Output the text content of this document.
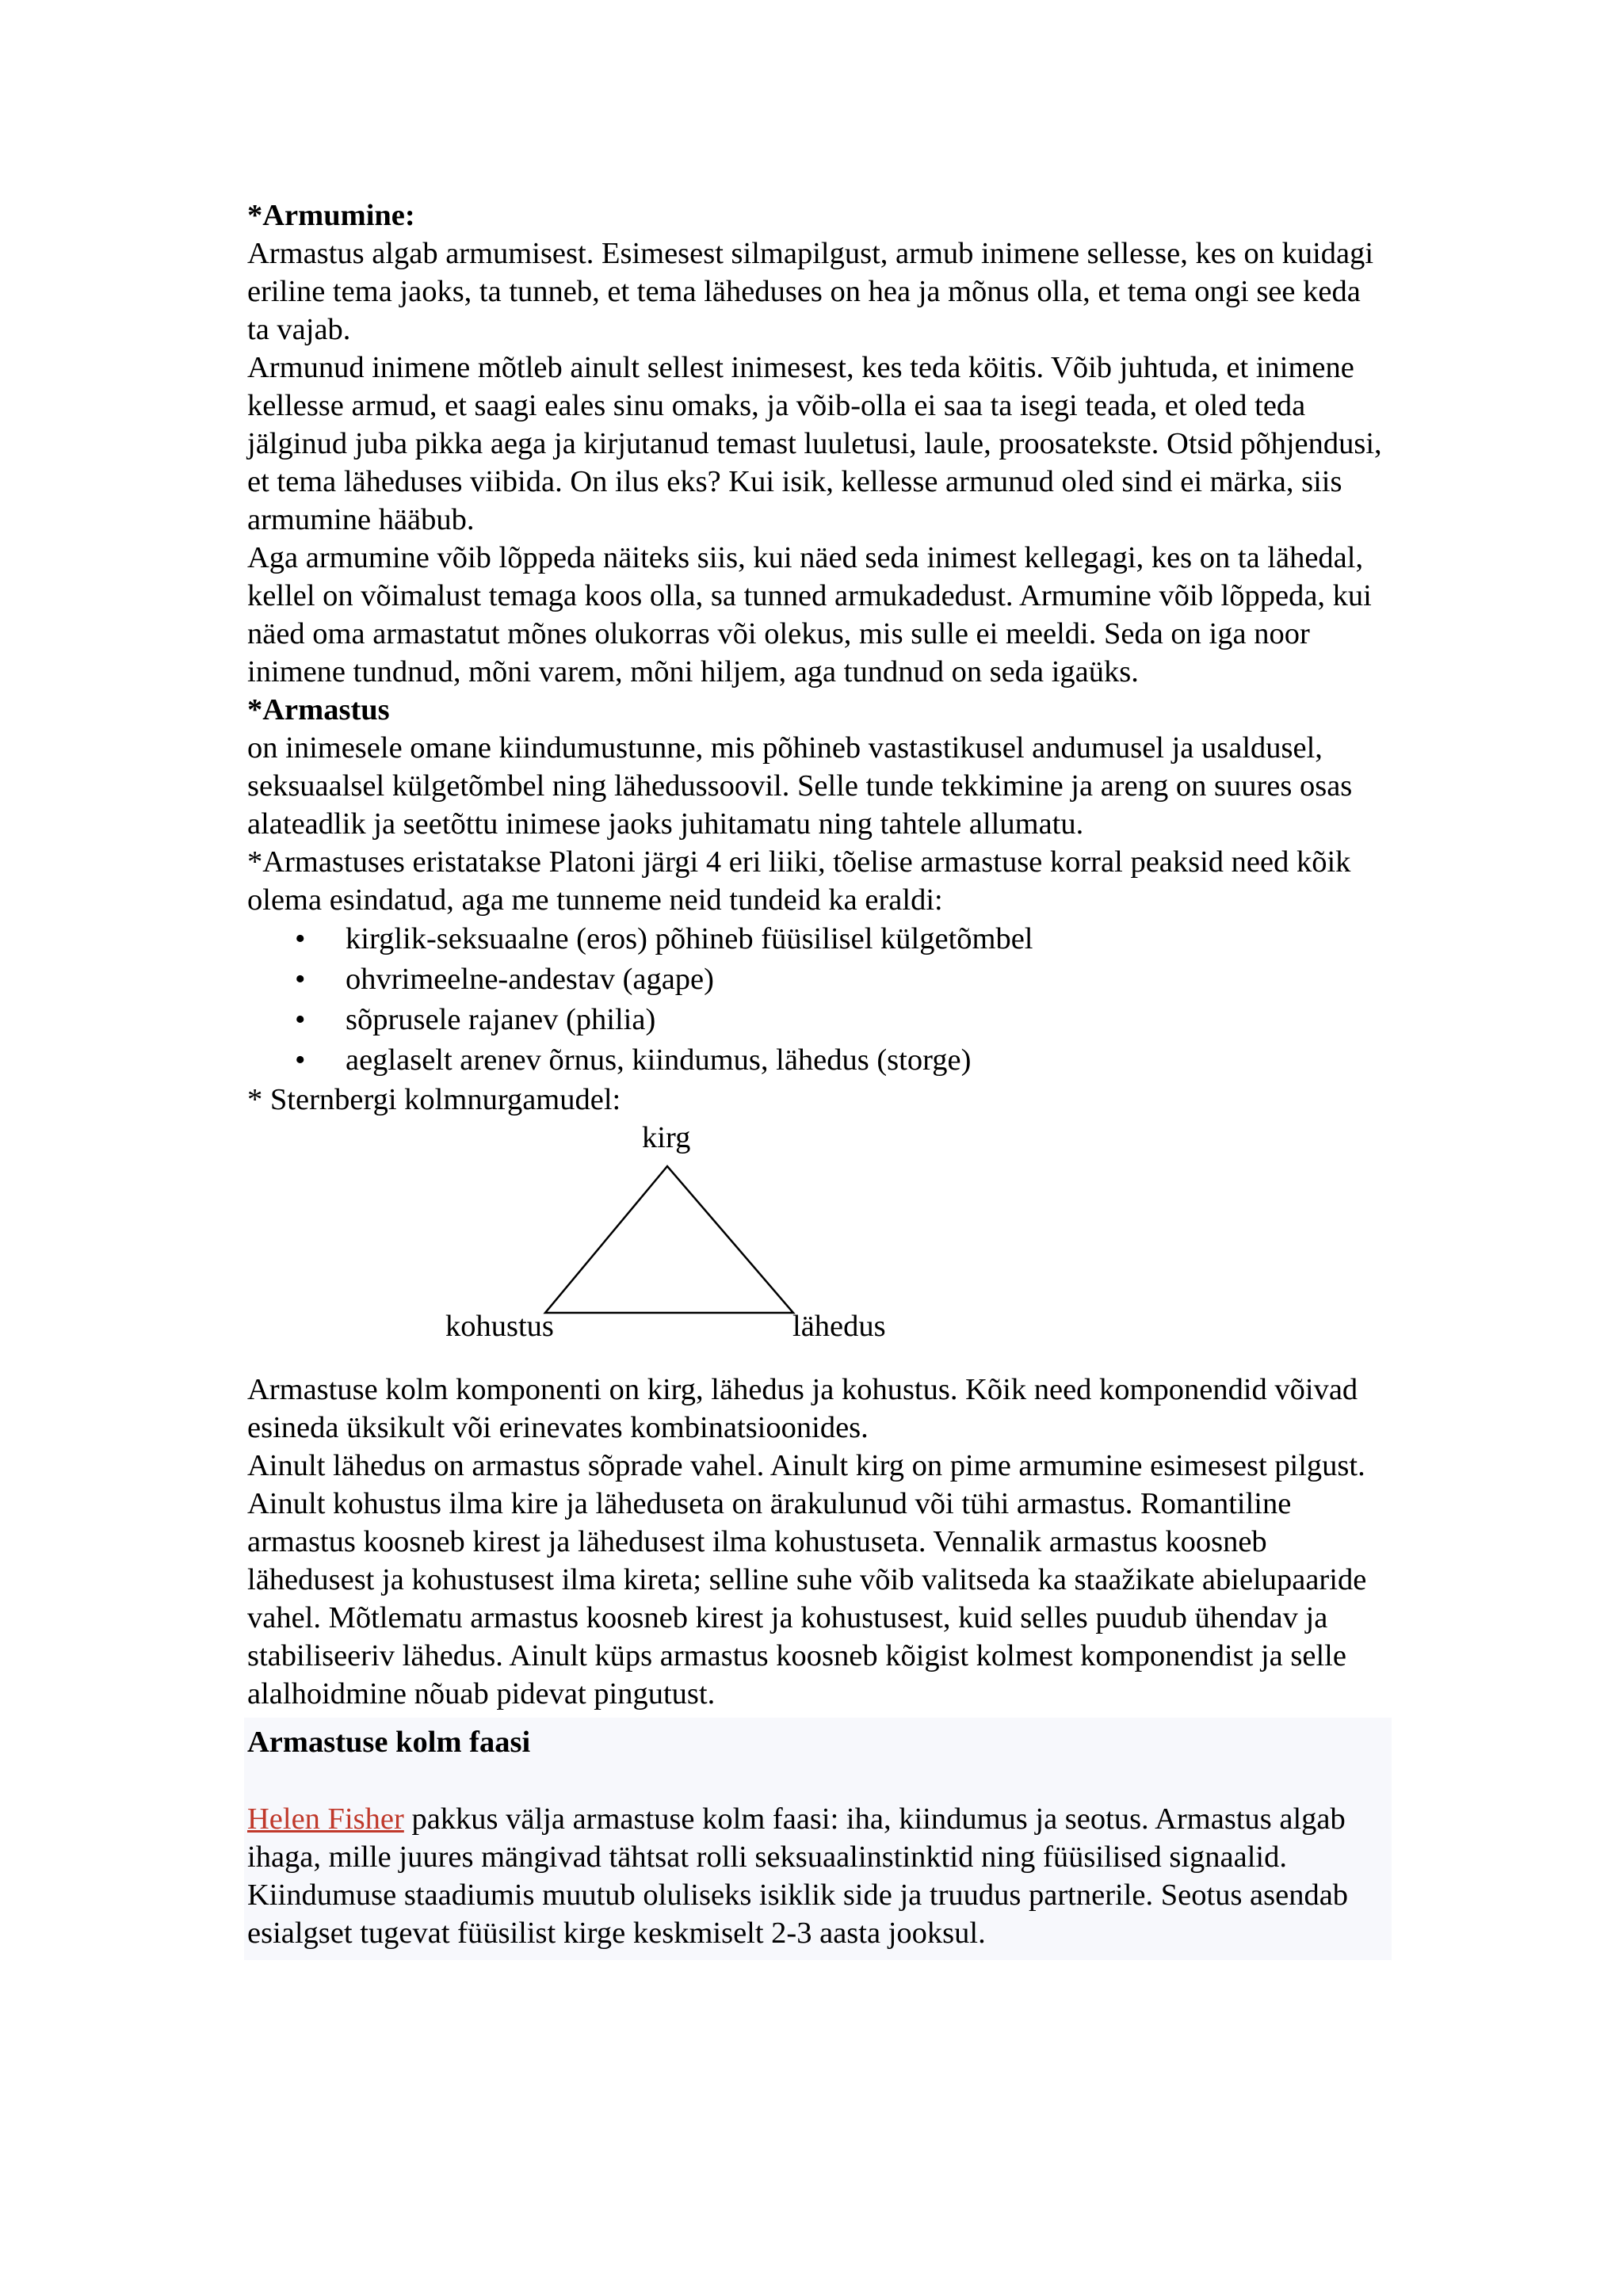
*Armumine:

Armastus algab armumisest. Esimesest silmapilgust, armub inimene sellesse, kes on kuidagi eriline tema jaoks, ta tunneb, et tema läheduses on hea ja mõnus olla, et tema ongi see keda ta vajab.

Armunud inimene mõtleb ainult sellest inimesest, kes teda köitis. Võib juhtuda, et inimene kellesse armud, et saagi eales sinu omaks, ja võib-olla ei saa ta isegi teada, et oled teda jälginud juba pikka aega ja kirjutanud temast luuletusi, laule, proosatekste. Otsid põhjendusi, et tema läheduses viibida. On ilus eks? Kui isik, kellesse armunud oled sind ei märka, siis armumine hääbub.

Aga armumine võib lõppeda näiteks siis, kui näed seda inimest kellegagi, kes on ta lähedal, kellel on võimalust temaga koos olla, sa tunned armukadedust. Armumine võib lõppeda, kui näed oma armastatut mõnes olukorras või olekus, mis sulle ei meeldi. Seda on iga noor inimene tundnud, mõni varem, mõni hiljem, aga tundnud on seda igaüks.

*Armastus

on inimesele omane kiindumustunne, mis põhineb vastastikusel andumusel ja usaldusel, seksuaalsel külgetõmbel ning lähedussoovil. Selle tunde tekkimine ja areng on suures osas alateadlik ja seetõttu inimese jaoks juhitamatu ning tahtele allumatu.

*Armastuses eristatakse Platoni järgi 4 eri liiki, tõelise armastuse korral peaksid need kõik olema esindatud, aga me tunneme neid tundeid ka eraldi:

• kirglik-seksuaalne (eros) põhineb füüsilisel külgetõmbel
• ohvrimeelne-andestav (agape)
• sõprusele rajanev (philia)
• aeglaselt arenev õrnus, kiindumus, lähedus (storge)

* Sternbergi kolmnurgamudel:

kirg
kohustus	lähedus

Armastuse kolm komponenti on kirg, lähedus ja kohustus. Kõik need komponendid võivad esineda üksikult või erinevates kombinatsioonides.

Ainult lähedus on armastus sõprade vahel. Ainult kirg on pime armumine esimesest pilgust. Ainult kohustus ilma kire ja läheduseta on ärakulunud või tühi armastus. Romantiline armastus koosneb kirest ja lähedusest ilma kohustuseta. Vennalik armastus koosneb lähedusest ja kohustusest ilma kireta; selline suhe võib valitseda ka staažikate abielupaaride vahel. Mõtlematu armastus koosneb kirest ja kohustusest, kuid selles puudub ühendav ja stabiliseeriv lähedus. Ainult küps armastus koosneb kõigist kolmest komponendist ja selle alalhoidmine nõuab pidevat pingutust.

Armastuse kolm faasi

Helen Fisher pakkus välja armastuse kolm faasi: iha, kiindumus ja seotus. Armastus algab ihaga, mille juures mängivad tähtsat rolli seksuaalinstinktid ning füüsilised signaalid. Kiindumuse staadiumis muutub oluliseks isiklik side ja truudus partnerile. Seotus asendab esialgset tugevat füüsilist kirge keskmiselt 2-3 aasta jooksul.
